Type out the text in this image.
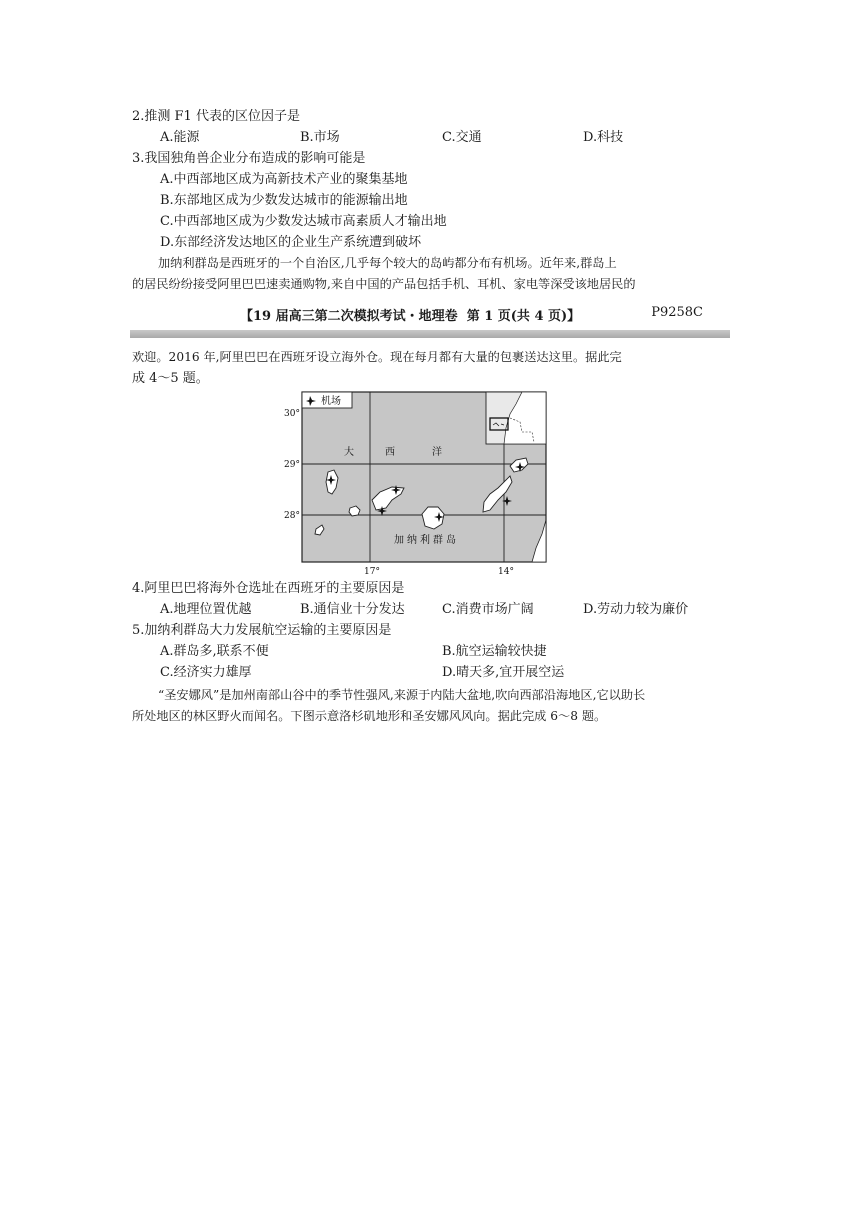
2.推测 F1 代表的区位因子是
A.能源	B.市场	C.交通	D.科技
3.我国独角兽企业分布造成的影响可能是
A.中西部地区成为高新技术产业的聚集基地
B.东部地区成为少数发达城市的能源输出地
C.中西部地区成为少数发达城市高素质人才输出地
D.东部经济发达地区的企业生产系统遭到破坏
加纳利群岛是西班牙的一个自治区,几乎每个较大的岛屿都分布有机场。近年来,群岛上
的居民纷纷接受阿里巴巴速卖通购物,来自中国的产品包括手机、耳机、家电等深受该地居民的
【19 届高三第二次模拟考试・地理卷 第 1 页(共 4 页)】	P9258C
欢迎。2016 年,阿里巴巴在西班牙设立海外仓。现在每月都有大量的包裹送达这里。据此完
成 4～5 题。
机场
大	西	洋
加纳利群岛
30°
29°
28°
17°	14°
4.阿里巴巴将海外仓选址在西班牙的主要原因是
A.地理位置优越	B.通信业十分发达	C.消费市场广阔	D.劳动力较为廉价
5.加纳利群岛大力发展航空运输的主要原因是
A.群岛多,联系不便	B.航空运输较快捷
C.经济实力雄厚	D.晴天多,宜开展空运
“圣安娜风”是加州南部山谷中的季节性强风,来源于内陆大盆地,吹向西部沿海地区,它以助长
所处地区的林区野火而闻名。下图示意洛杉矶地形和圣安娜风风向。据此完成 6～8 题。
